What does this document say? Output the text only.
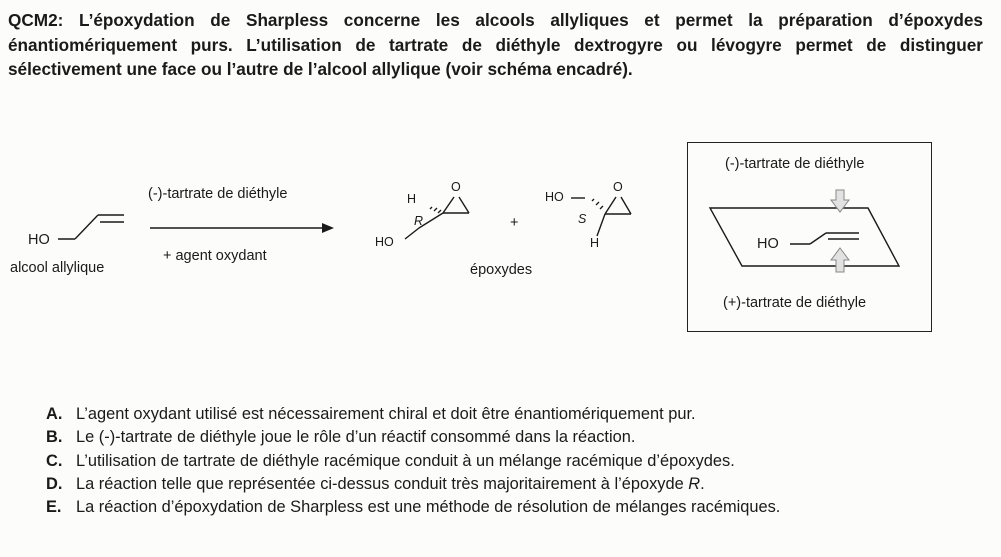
QCM2: L’époxydation de Sharpless concerne les alcools allyliques et permet la préparation d’époxydes énantiomériquement purs. L’utilisation de tartrate de diéthyle dextrogyre ou lévogyre permet de distinguer sélectivement une face ou l’autre de l’alcool allylique (voir schéma encadré).
HO
alcool allylique
(-)-tartrate de diéthyle
+ agent oxydant
H
R
O
HO
+
HO
S
O
H
époxydes
(-)-tartrate de diéthyle
HO
(+)-tartrate de diéthyle
A. L’agent oxydant utilisé est nécessairement chiral et doit être énantiomériquement pur.
B. Le (-)-tartrate de diéthyle joue le rôle d’un réactif consommé dans la réaction.
C. L’utilisation de tartrate de diéthyle racémique conduit à un mélange racémique d’époxydes.
D. La réaction telle que représentée ci-dessus conduit très majoritairement à l’époxyde R.
E. La réaction d’époxydation de Sharpless est une méthode de résolution de mélanges racémiques.
